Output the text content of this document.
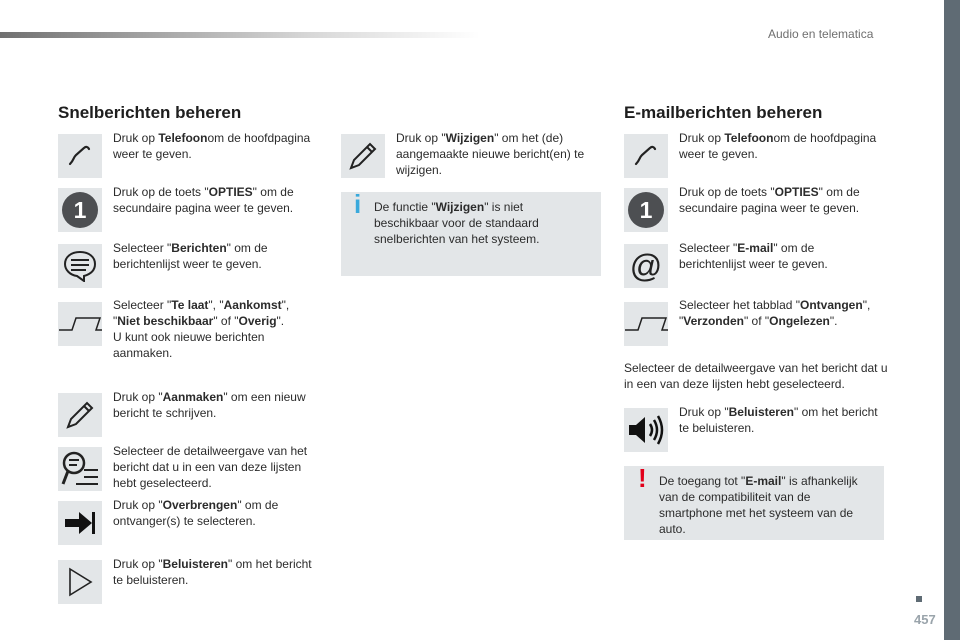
Audio en telematica
457
Snelberichten beheren
Druk op Telefoonom de hoofdpagina weer te geven.
1
Druk op de toets "OPTIES" om de secundaire pagina weer te geven.
Selecteer "Berichten" om de berichtenlijst weer te geven.
Selecteer "Te laat", "Aankomst", "Niet beschikbaar" of "Overig".
U kunt ook nieuwe berichten aanmaken.
Druk op "Aanmaken" om een nieuw bericht te schrijven.
Selecteer de detailweergave van het bericht dat u in een van deze lijsten hebt geselecteerd.
Druk op "Overbrengen" om de ontvanger(s) te selecteren.
Druk op "Beluisteren" om het bericht te beluisteren.
Druk op "Wijzigen" om het (de) aangemaakte nieuwe bericht(en) te wijzigen.
i De functie "Wijzigen" is niet beschikbaar voor de standaard snelberichten van het systeem.
E-mailberichten beheren
Druk op Telefoonom de hoofdpagina weer te geven.
1
Druk op de toets "OPTIES" om de secundaire pagina weer te geven.
@ Selecteer "E-mail" om de berichtenlijst weer te geven.
Selecteer het tabblad "Ontvangen", "Verzonden" of "Ongelezen".
Selecteer de detailweergave van het bericht dat u in een van deze lijsten hebt geselecteerd.
Druk op "Beluisteren" om het bericht te beluisteren.
! De toegang tot "E-mail" is afhankelijk van de compatibiliteit van de smartphone met het systeem van de auto.
